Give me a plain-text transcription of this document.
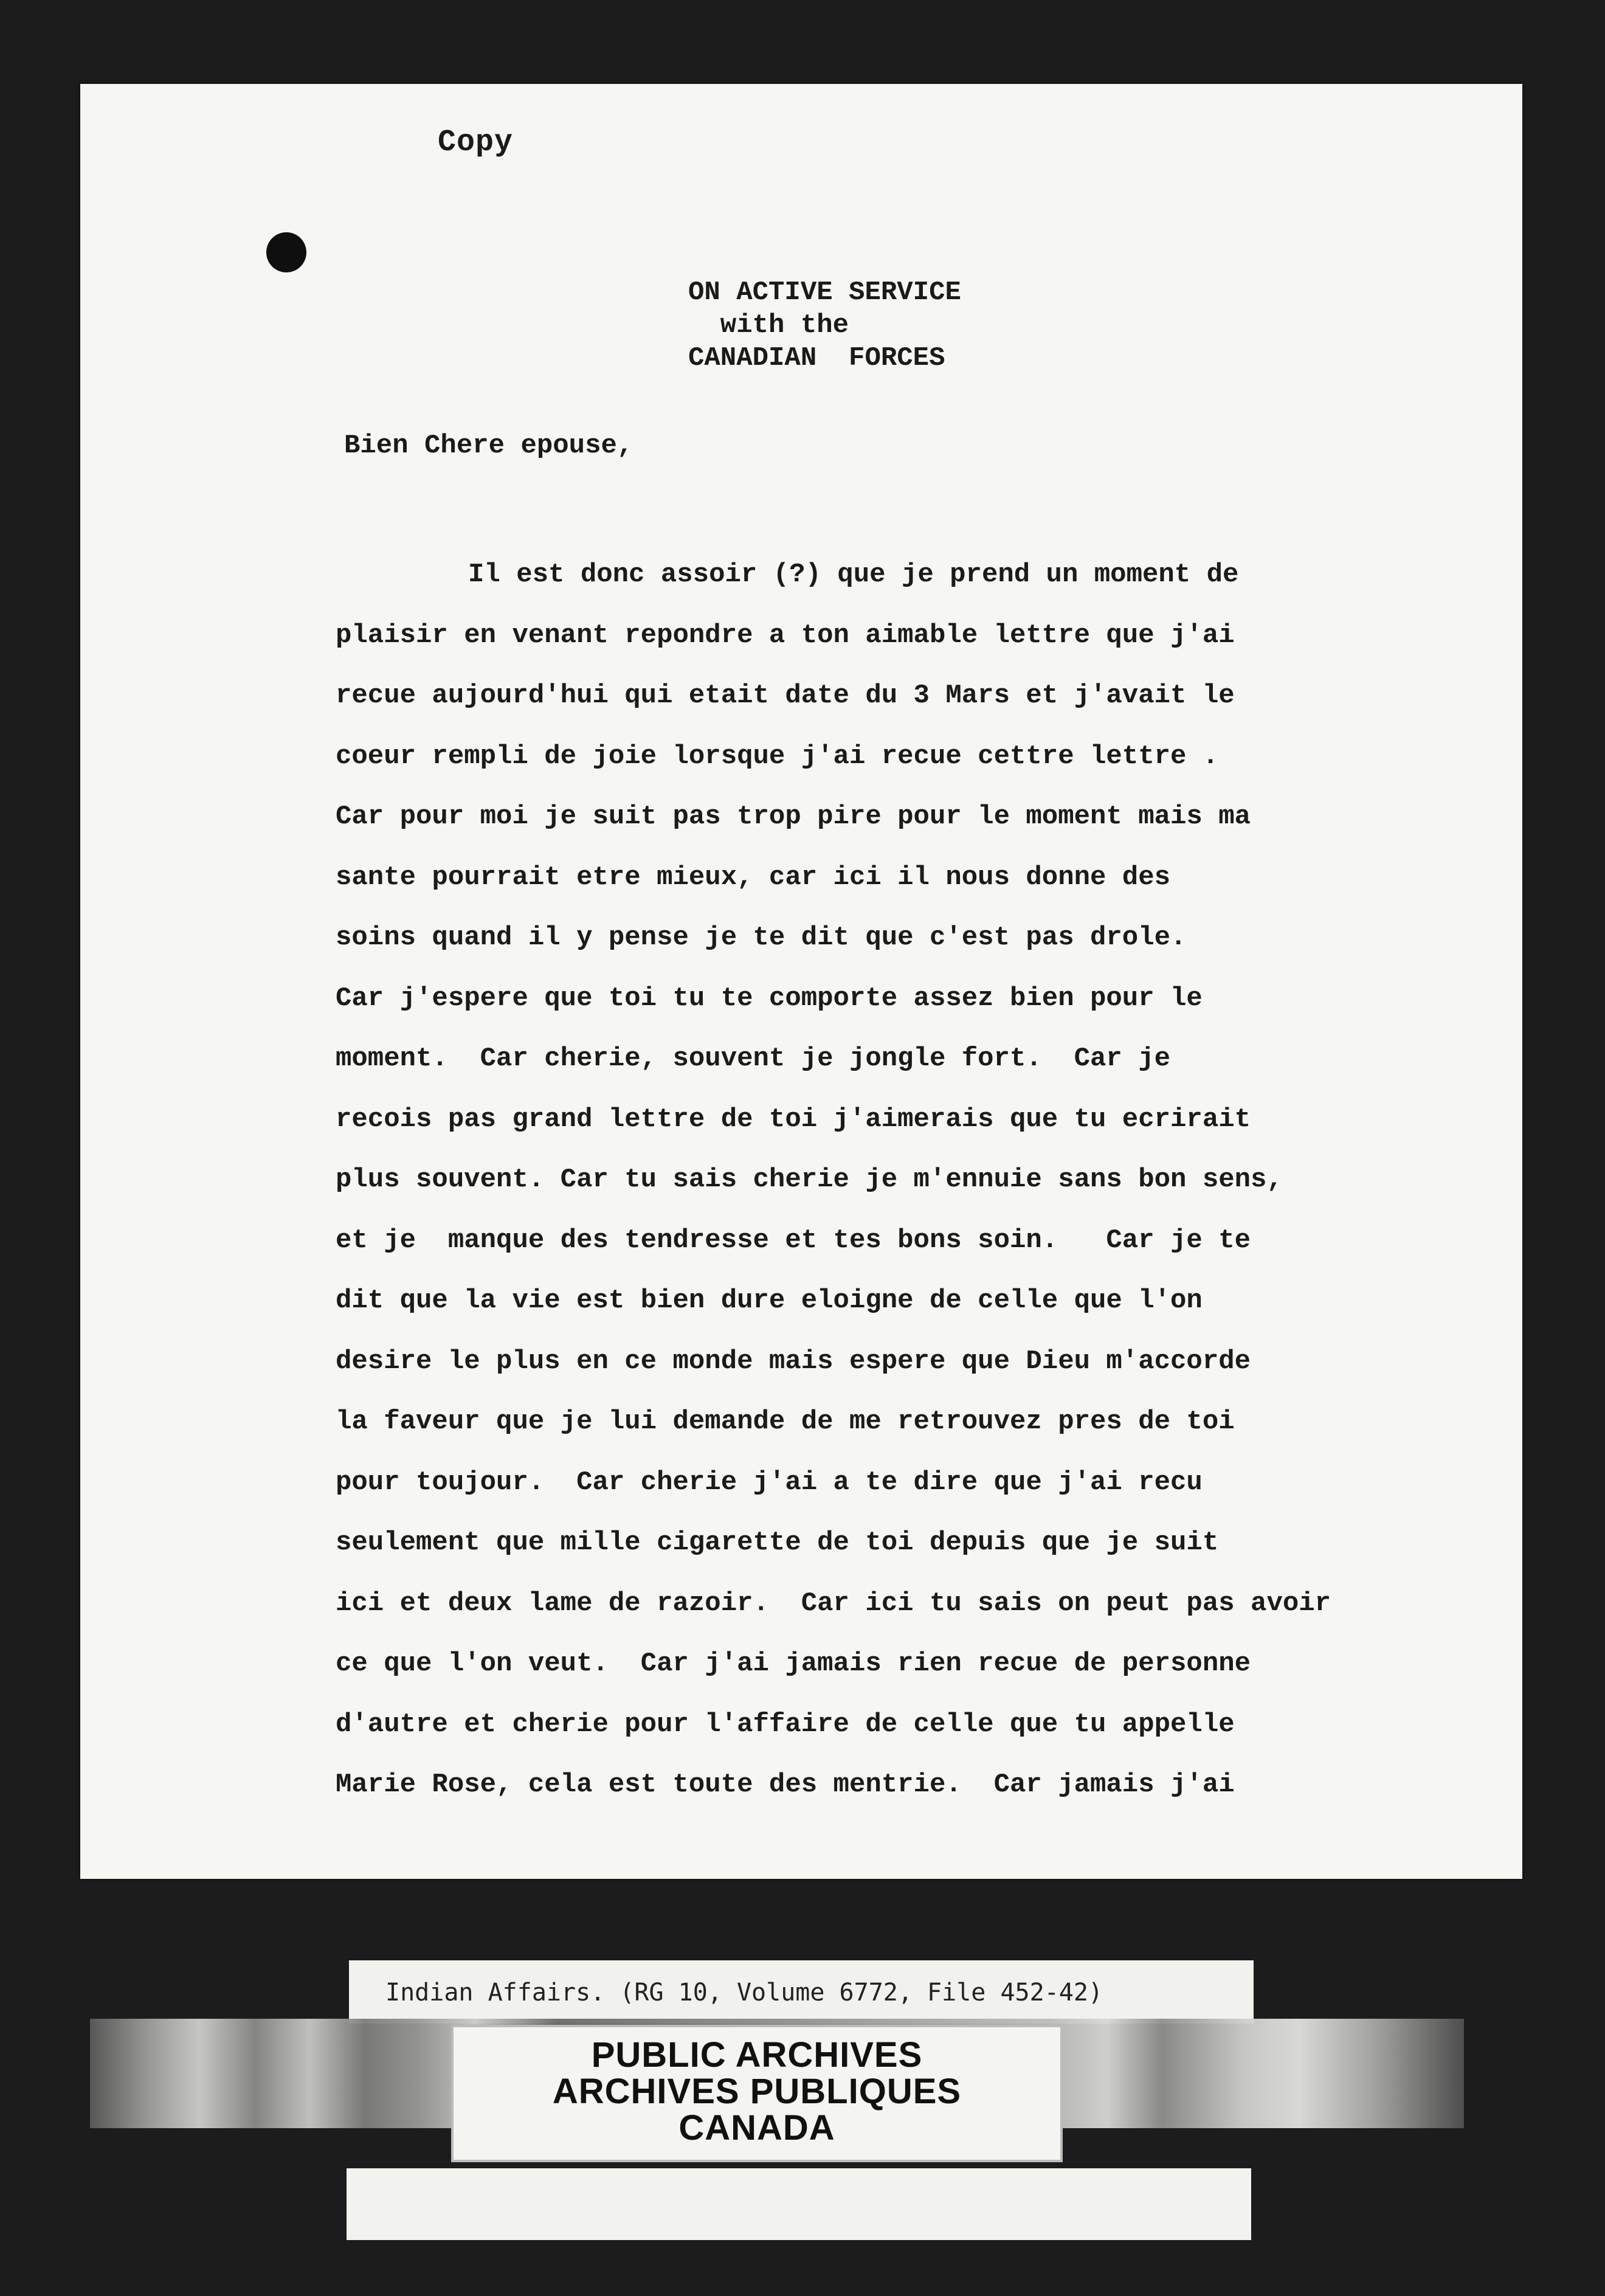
Copy
ON ACTIVE SERVICE
with the
CANADIAN  FORCES
Bien Chere epouse,
Il est donc assoir (?) que je prend un moment de
plaisir en venant repondre a ton aimable lettre que j'ai
recue aujourd'hui qui etait date du 3 Mars et j'avait le
coeur rempli de joie lorsque j'ai recue cettre lettre .
Car pour moi je suit pas trop pire pour le moment mais ma
sante pourrait etre mieux, car ici il nous donne des
soins quand il y pense je te dit que c'est pas drole.
Car j'espere que toi tu te comporte assez bien pour le
moment.  Car cherie, souvent je jongle fort.  Car je
recois pas grand lettre de toi j'aimerais que tu ecrirait
plus souvent. Car tu sais cherie je m'ennuie sans bon sens,
et je  manque des tendresse et tes bons soin.   Car je te
dit que la vie est bien dure eloigne de celle que l'on
desire le plus en ce monde mais espere que Dieu m'accorde
la faveur que je lui demande de me retrouvez pres de toi
pour toujour.  Car cherie j'ai a te dire que j'ai recu
seulement que mille cigarette de toi depuis que je suit
ici et deux lame de razoir.  Car ici tu sais on peut pas avoir
ce que l'on veut.  Car j'ai jamais rien recue de personne
d'autre et cherie pour l'affaire de celle que tu appelle
Marie Rose, cela est toute des mentrie.  Car jamais j'ai
Indian Affairs. (RG 10, Volume 6772, File 452-42)
PUBLIC ARCHIVES
ARCHIVES PUBLIQUES
CANADA
